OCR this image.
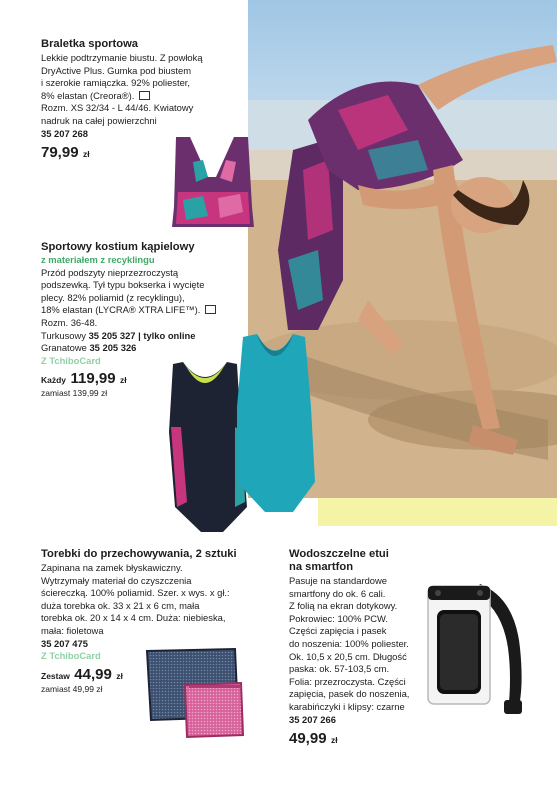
Braletka sportowa
Lekkie podtrzymanie biustu. Z powłoką
DryActive Plus. Gumka pod biustem
i szerokie ramiączka. 92% poliester,
8% elastan (Creora®).
Rozm. XS 32/34 - L 44/46. Kwiatowy
nadruk na całej powierzchni
35 207 268
79,99 zł
Sportowy kostium kąpielowy
z materiałem z recyklingu
Przód podszyty nieprzezroczystą
podszewką. Tył typu bokserka i wycięte
plecy. 82% poliamid (z recyklingu),
18% elastan (LYCRA® XTRA LIFE™).
Rozm. 36-48.
Turkusowy 35 205 327 | tylko online
Granatowe 35 205 326
Z TchiboCard
Każdy 119,99 zł
zamiast 139,99 zł
Torebki do przechowywania, 2 sztuki
Zapinana na zamek błyskawiczny.
Wytrzymały materiał do czyszczenia
ściereczką. 100% poliamid. Szer. x wys. x gł.:
duża torebka ok. 33 x 21 x 6 cm, mała
torebka ok. 20 x 14 x 4 cm. Duża: niebieska,
mała: fioletowa
35 207 475
Z TchiboCard
Zestaw 44,99 zł
zamiast 49,99 zł
Wodoszczelne etui
na smartfon
Pasuje na standardowe
smartfony do ok. 6 cali.
Z folią na ekran dotykowy.
Pokrowiec: 100% PCW.
Części zapięcia i pasek
do noszenia: 100% poliester.
Ok. 10,5 x 20,5 cm. Długość
paska: ok. 57-103,5 cm.
Folia: przezroczysta. Części
zapięcia, pasek do noszenia,
karabińczyki i klipsy: czarne
35 207 266
49,99 zł
